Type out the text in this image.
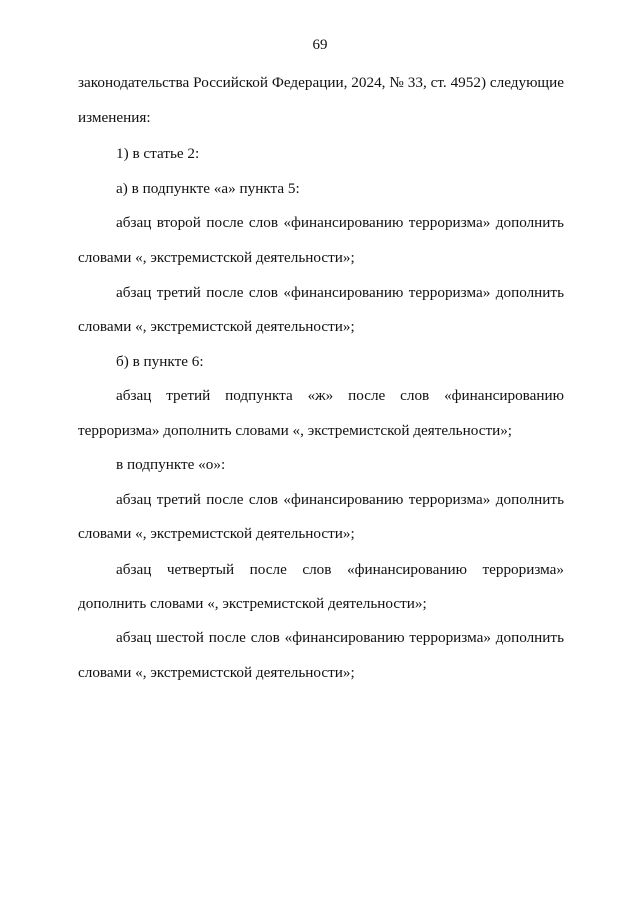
69
законодательства Российской Федерации, 2024, № 33, ст. 4952) следующие
изменения:
1) в статье 2:
а) в подпункте «а» пункта 5:
абзац второй после слов «финансированию терроризма» дополнить
словами «, экстремистской деятельности»;
абзац третий после слов «финансированию терроризма» дополнить
словами «, экстремистской деятельности»;
б) в пункте 6:
абзац третий подпункта «ж» после слов «финансированию
терроризма» дополнить словами «, экстремистской деятельности»;
в подпункте «о»:
абзац третий после слов «финансированию терроризма» дополнить
словами «, экстремистской деятельности»;
абзац четвертый после слов «финансированию терроризма»
дополнить словами «, экстремистской деятельности»;
абзац шестой после слов «финансированию терроризма» дополнить
словами «, экстремистской деятельности»;
